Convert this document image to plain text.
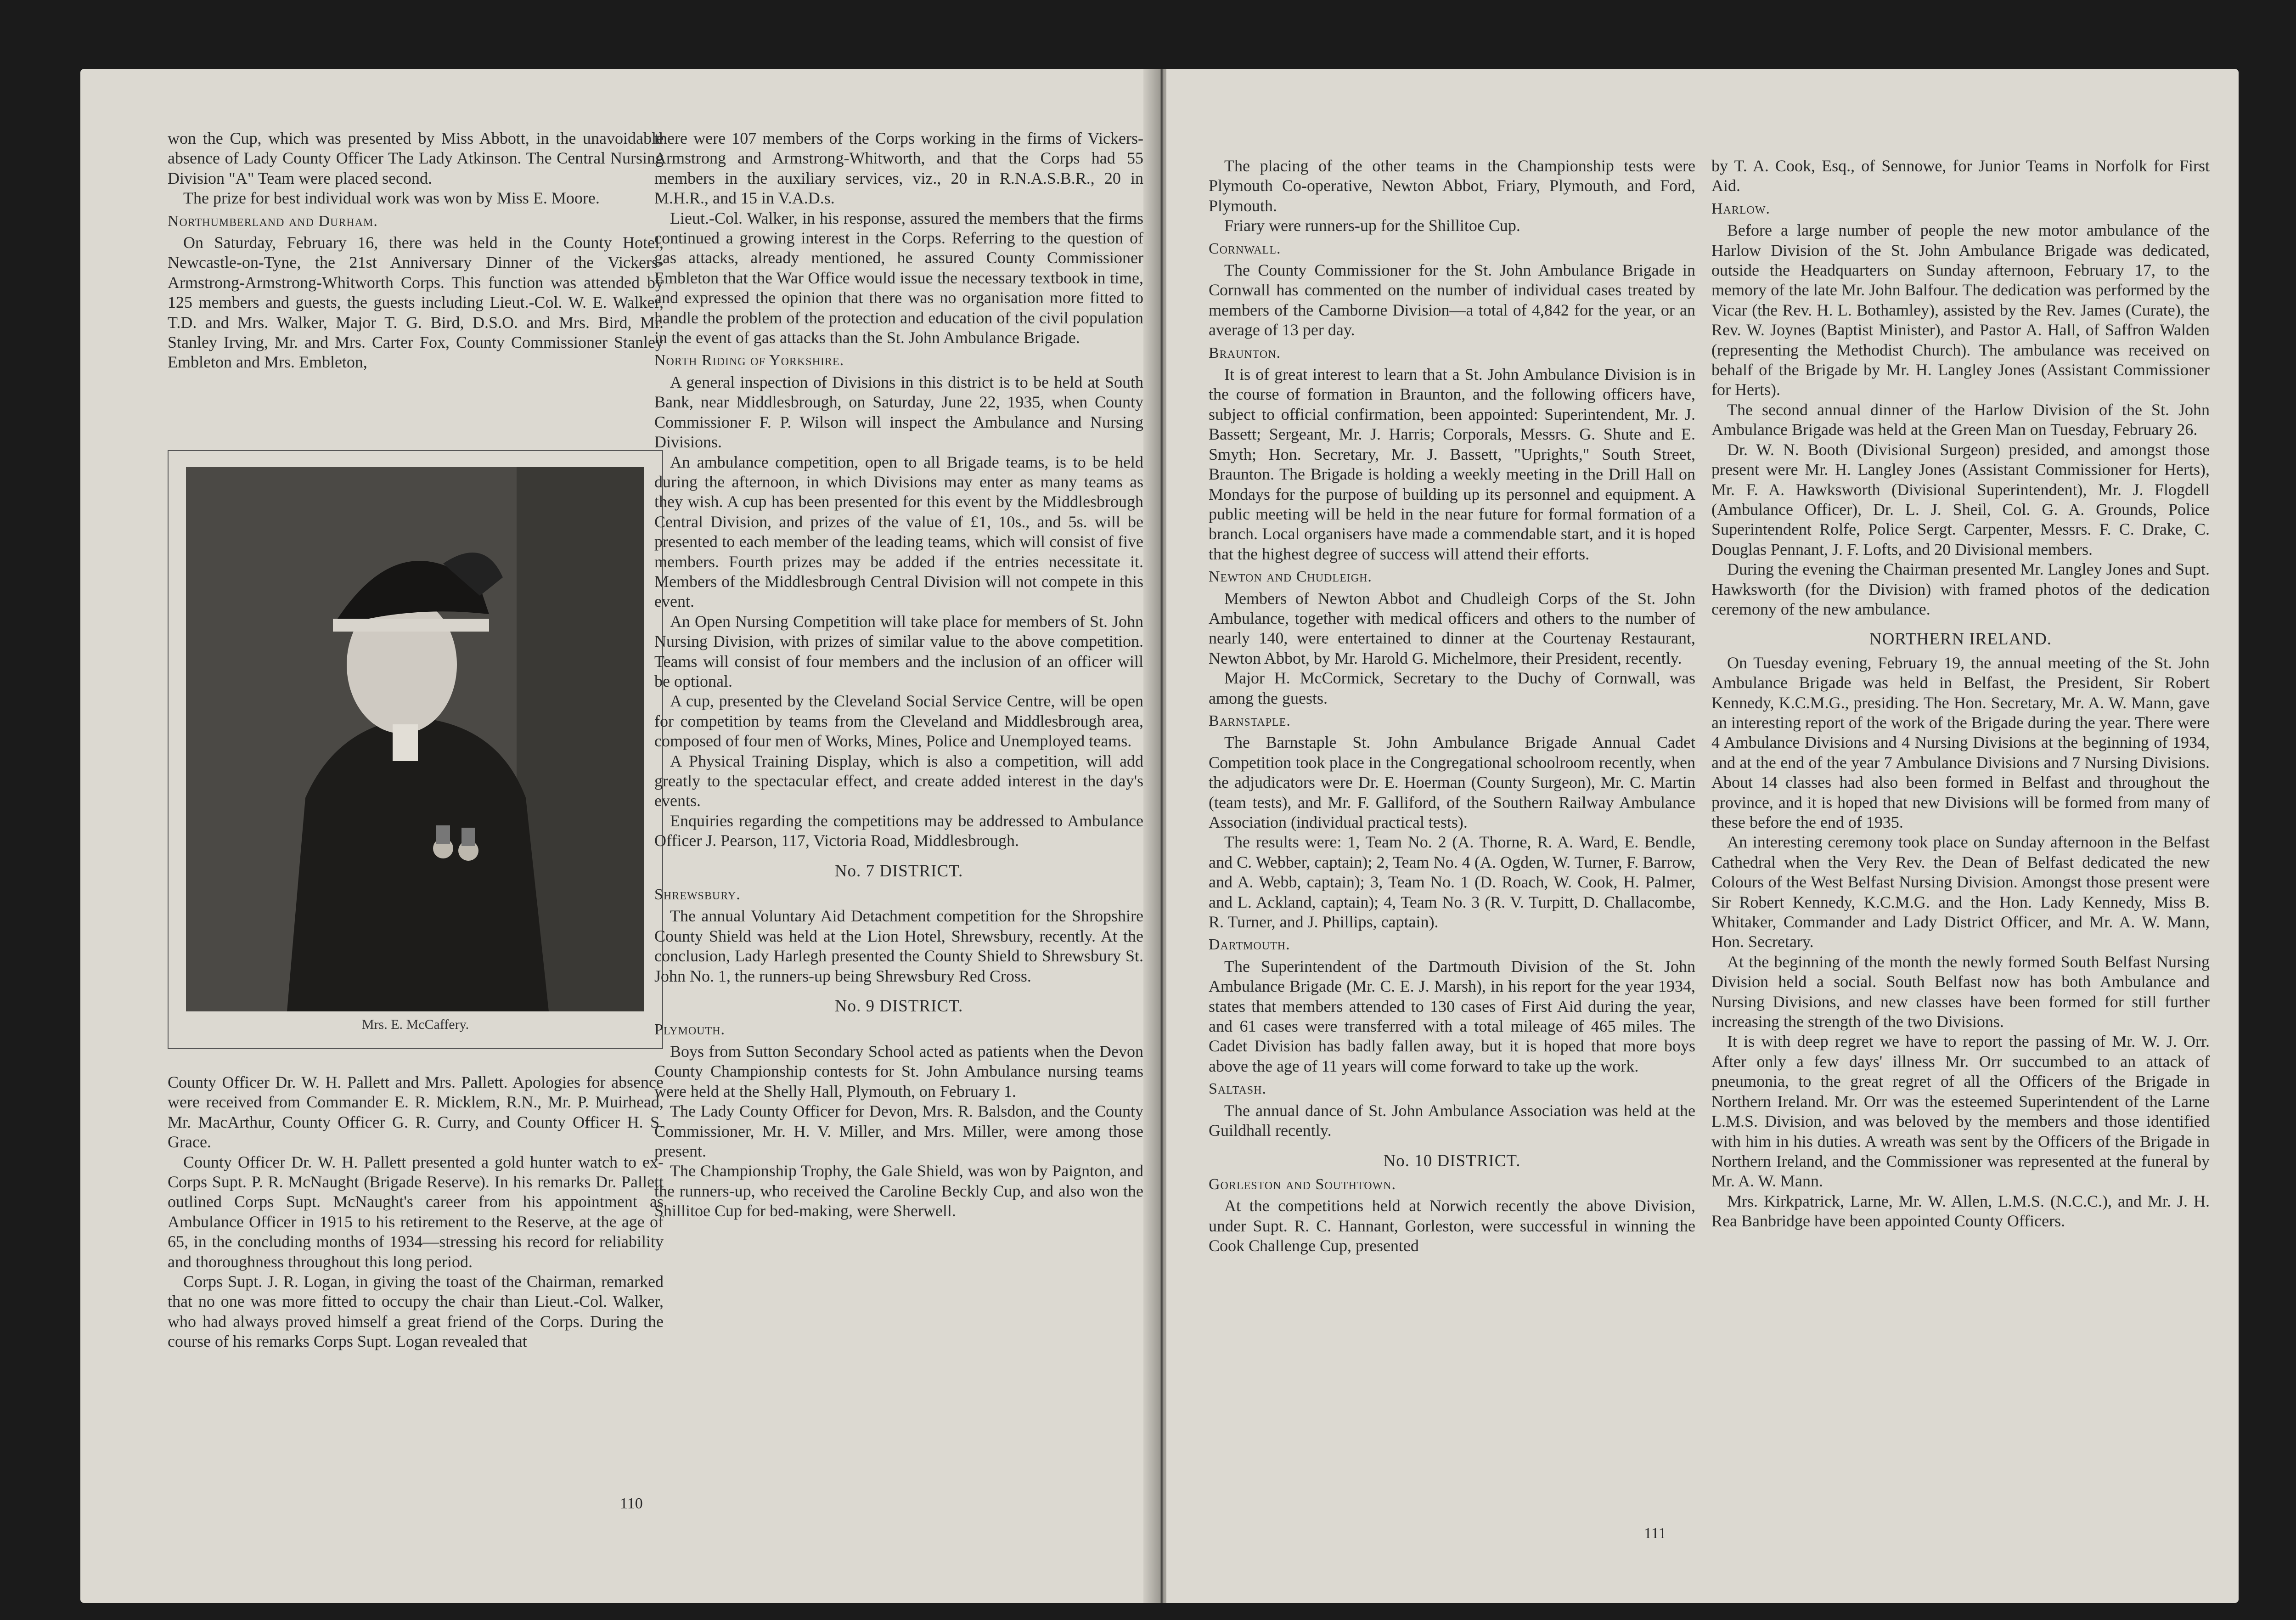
won the Cup, which was presented by Miss Abbott, in the unavoidable absence of Lady County Officer The Lady Atkinson. The Central Nursing Division "A" Team were placed second.

The prize for best individual work was won by Miss E. Moore.

Northumberland and Durham.

On Saturday, February 16, there was held in the County Hotel, Newcastle-on-Tyne, the 21st Anniversary Dinner of the Vickers-Armstrong-Armstrong-Whitworth Corps. This function was attended by 125 members and guests, the guests including Lieut.-Col. W. E. Walker, T.D. and Mrs. Walker, Major T. G. Bird, D.S.O. and Mrs. Bird, Mr. Stanley Irving, Mr. and Mrs. Carter Fox, County Commissioner Stanley Embleton and Mrs. Embleton,

Mrs. E. McCaffery.

County Officer Dr. W. H. Pallett and Mrs. Pallett. Apologies for absence were received from Commander E. R. Micklem, R.N., Mr. P. Muirhead, Mr. MacArthur, County Officer G. R. Curry, and County Officer H. S. Grace.

County Officer Dr. W. H. Pallett presented a gold hunter watch to ex-Corps Supt. P. R. McNaught (Brigade Reserve). In his remarks Dr. Pallett outlined Corps Supt. McNaught's career from his appointment as Ambulance Officer in 1915 to his retirement to the Reserve, at the age of 65, in the concluding months of 1934—stressing his record for reliability and thoroughness throughout this long period.

Corps Supt. J. R. Logan, in giving the toast of the Chairman, remarked that no one was more fitted to occupy the chair than Lieut.-Col. Walker, who had always proved himself a great friend of the Corps. During the course of his remarks Corps Supt. Logan revealed that

there were 107 members of the Corps working in the firms of Vickers-Armstrong and Armstrong-Whitworth, and that the Corps had 55 members in the auxiliary services, viz., 20 in R.N.A.S.B.R., 20 in M.H.R., and 15 in V.A.D.s.

Lieut.-Col. Walker, in his response, assured the members that the firms continued a growing interest in the Corps. Referring to the question of gas attacks, already mentioned, he assured County Commissioner Embleton that the War Office would issue the necessary textbook in time, and expressed the opinion that there was no organisation more fitted to handle the problem of the protection and education of the civil population in the event of gas attacks than the St. John Ambulance Brigade.

North Riding of Yorkshire.

A general inspection of Divisions in this district is to be held at South Bank, near Middlesbrough, on Saturday, June 22, 1935, when County Commissioner F. P. Wilson will inspect the Ambulance and Nursing Divisions.

An ambulance competition, open to all Brigade teams, is to be held during the afternoon, in which Divisions may enter as many teams as they wish. A cup has been presented for this event by the Middlesbrough Central Division, and prizes of the value of £1, 10s., and 5s. will be presented to each member of the leading teams, which will consist of five members. Fourth prizes may be added if the entries necessitate it. Members of the Middlesbrough Central Division will not compete in this event.

An Open Nursing Competition will take place for members of St. John Nursing Division, with prizes of similar value to the above competition. Teams will consist of four members and the inclusion of an officer will be optional.

A cup, presented by the Cleveland Social Service Centre, will be open for competition by teams from the Cleveland and Middlesbrough area, composed of four men of Works, Mines, Police and Unemployed teams.

A Physical Training Display, which is also a competition, will add greatly to the spectacular effect, and create added interest in the day's events.

Enquiries regarding the competitions may be addressed to Ambulance Officer J. Pearson, 117, Victoria Road, Middlesbrough.

No. 7 DISTRICT.

Shrewsbury.

The annual Voluntary Aid Detachment competition for the Shropshire County Shield was held at the Lion Hotel, Shrewsbury, recently. At the conclusion, Lady Harlegh presented the County Shield to Shrewsbury St. John No. 1, the runners-up being Shrewsbury Red Cross.

No. 9 DISTRICT.

Plymouth.

Boys from Sutton Secondary School acted as patients when the Devon County Championship contests for St. John Ambulance nursing teams were held at the Shelly Hall, Plymouth, on February 1.

The Lady County Officer for Devon, Mrs. R. Balsdon, and the County Commissioner, Mr. H. V. Miller, and Mrs. Miller, were among those present.

The Championship Trophy, the Gale Shield, was won by Paignton, and the runners-up, who received the Caroline Beckly Cup, and also won the Shillitoe Cup for bed-making, were Sherwell.

110

The placing of the other teams in the Championship tests were Plymouth Co-operative, Newton Abbot, Friary, Plymouth, and Ford, Plymouth.

Friary were runners-up for the Shillitoe Cup.

Cornwall.

The County Commissioner for the St. John Ambulance Brigade in Cornwall has commented on the number of individual cases treated by members of the Camborne Division—a total of 4,842 for the year, or an average of 13 per day.

Braunton.

It is of great interest to learn that a St. John Ambulance Division is in the course of formation in Braunton, and the following officers have, subject to official confirmation, been appointed: Superintendent, Mr. J. Bassett; Sergeant, Mr. J. Harris; Corporals, Messrs. G. Shute and E. Smyth; Hon. Secretary, Mr. J. Bassett, "Uprights," South Street, Braunton. The Brigade is holding a weekly meeting in the Drill Hall on Mondays for the purpose of building up its personnel and equipment. A public meeting will be held in the near future for formal formation of a branch. Local organisers have made a commendable start, and it is hoped that the highest degree of success will attend their efforts.

Newton and Chudleigh.

Members of Newton Abbot and Chudleigh Corps of the St. John Ambulance, together with medical officers and others to the number of nearly 140, were entertained to dinner at the Courtenay Restaurant, Newton Abbot, by Mr. Harold G. Michelmore, their President, recently.

Major H. McCormick, Secretary to the Duchy of Cornwall, was among the guests.

Barnstaple.

The Barnstaple St. John Ambulance Brigade Annual Cadet Competition took place in the Congregational schoolroom recently, when the adjudicators were Dr. E. Hoerman (County Surgeon), Mr. C. Martin (team tests), and Mr. F. Galliford, of the Southern Railway Ambulance Association (individual practical tests).

The results were: 1, Team No. 2 (A. Thorne, R. A. Ward, E. Bendle, and C. Webber, captain); 2, Team No. 4 (A. Ogden, W. Turner, F. Barrow, and A. Webb, captain); 3, Team No. 1 (D. Roach, W. Cook, H. Palmer, and L. Ackland, captain); 4, Team No. 3 (R. V. Turpitt, D. Challacombe, R. Turner, and J. Phillips, captain).

Dartmouth.

The Superintendent of the Dartmouth Division of the St. John Ambulance Brigade (Mr. C. E. J. Marsh), in his report for the year 1934, states that members attended to 130 cases of First Aid during the year, and 61 cases were transferred with a total mileage of 465 miles. The Cadet Division has badly fallen away, but it is hoped that more boys above the age of 11 years will come forward to take up the work.

Saltash.

The annual dance of St. John Ambulance Association was held at the Guildhall recently.

No. 10 DISTRICT.

Gorleston and Southtown.

At the competitions held at Norwich recently the above Division, under Supt. R. C. Hannant, Gorleston, were successful in winning the Cook Challenge Cup, presented

by T. A. Cook, Esq., of Sennowe, for Junior Teams in Norfolk for First Aid.

Harlow.

Before a large number of people the new motor ambulance of the Harlow Division of the St. John Ambulance Brigade was dedicated, outside the Headquarters on Sunday afternoon, February 17, to the memory of the late Mr. John Balfour. The dedication was performed by the Vicar (the Rev. H. L. Bothamley), assisted by the Rev. James (Curate), the Rev. W. Joynes (Baptist Minister), and Pastor A. Hall, of Saffron Walden (representing the Methodist Church). The ambulance was received on behalf of the Brigade by Mr. H. Langley Jones (Assistant Commissioner for Herts).

The second annual dinner of the Harlow Division of the St. John Ambulance Brigade was held at the Green Man on Tuesday, February 26.

Dr. W. N. Booth (Divisional Surgeon) presided, and amongst those present were Mr. H. Langley Jones (Assistant Commissioner for Herts), Mr. F. A. Hawksworth (Divisional Superintendent), Mr. J. Flogdell (Ambulance Officer), Dr. L. J. Sheil, Col. G. A. Grounds, Police Superintendent Rolfe, Police Sergt. Carpenter, Messrs. F. C. Drake, C. Douglas Pennant, J. F. Lofts, and 20 Divisional members.

During the evening the Chairman presented Mr. Langley Jones and Supt. Hawksworth (for the Division) with framed photos of the dedication ceremony of the new ambulance.

NORTHERN IRELAND.

On Tuesday evening, February 19, the annual meeting of the St. John Ambulance Brigade was held in Belfast, the President, Sir Robert Kennedy, K.C.M.G., presiding. The Hon. Secretary, Mr. A. W. Mann, gave an interesting report of the work of the Brigade during the year. There were 4 Ambulance Divisions and 4 Nursing Divisions at the beginning of 1934, and at the end of the year 7 Ambulance Divisions and 7 Nursing Divisions. About 14 classes had also been formed in Belfast and throughout the province, and it is hoped that new Divisions will be formed from many of these before the end of 1935.

An interesting ceremony took place on Sunday afternoon in the Belfast Cathedral when the Very Rev. the Dean of Belfast dedicated the new Colours of the West Belfast Nursing Division. Amongst those present were Sir Robert Kennedy, K.C.M.G. and the Hon. Lady Kennedy, Miss B. Whitaker, Commander and Lady District Officer, and Mr. A. W. Mann, Hon. Secretary.

At the beginning of the month the newly formed South Belfast Nursing Division held a social. South Belfast now has both Ambulance and Nursing Divisions, and new classes have been formed for still further increasing the strength of the two Divisions.

It is with deep regret we have to report the passing of Mr. W. J. Orr. After only a few days' illness Mr. Orr succumbed to an attack of pneumonia, to the great regret of all the Officers of the Brigade in Northern Ireland. Mr. Orr was the esteemed Superintendent of the Larne L.M.S. Division, and was beloved by the members and those identified with him in his duties. A wreath was sent by the Officers of the Brigade in Northern Ireland, and the Commissioner was represented at the funeral by Mr. A. W. Mann.

Mrs. Kirkpatrick, Larne, Mr. W. Allen, L.M.S. (N.C.C.), and Mr. J. H. Rea Banbridge have been appointed County Officers.

111
